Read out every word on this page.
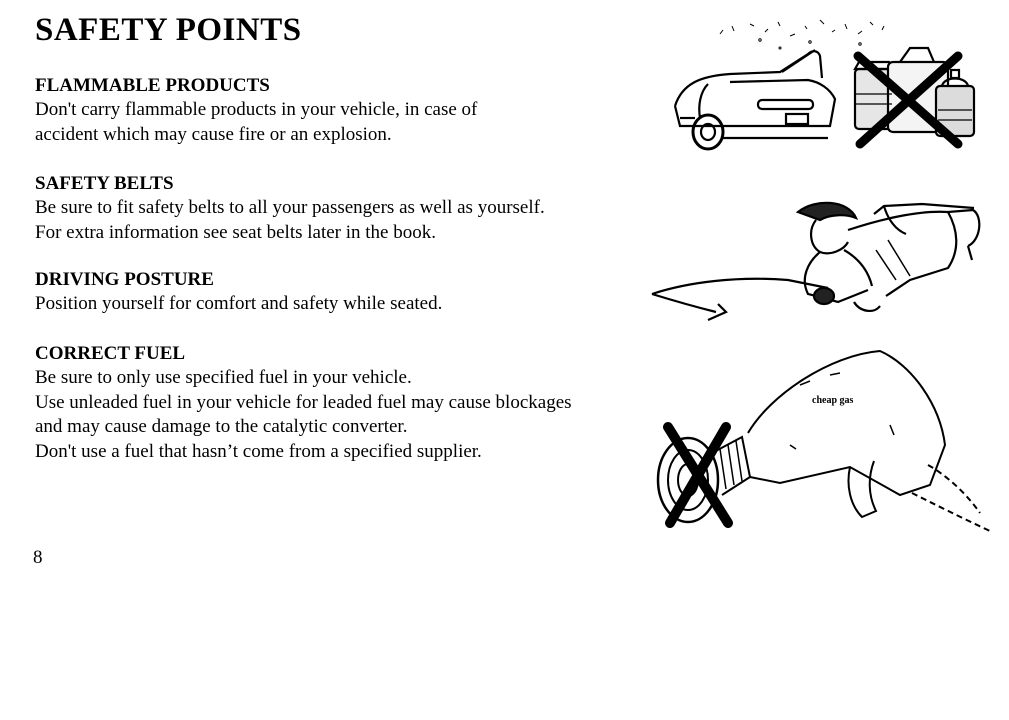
SAFETY POINTS
FLAMMABLE PRODUCTS
Don't carry flammable products in your vehicle, in case of
accident which may cause fire or an explosion.
SAFETY BELTS
Be sure to fit safety belts to all your passengers as well as yourself.
For extra information see seat belts later in the book.
DRIVING POSTURE
Position yourself for comfort and safety while seated.
CORRECT FUEL
Be sure to only use specified fuel in your vehicle.
Use unleaded fuel in your vehicle for leaded fuel may cause blockages
and may cause damage to the catalytic converter.
Don't use a fuel that hasn’t come from a specified supplier.
8
cheap gas
